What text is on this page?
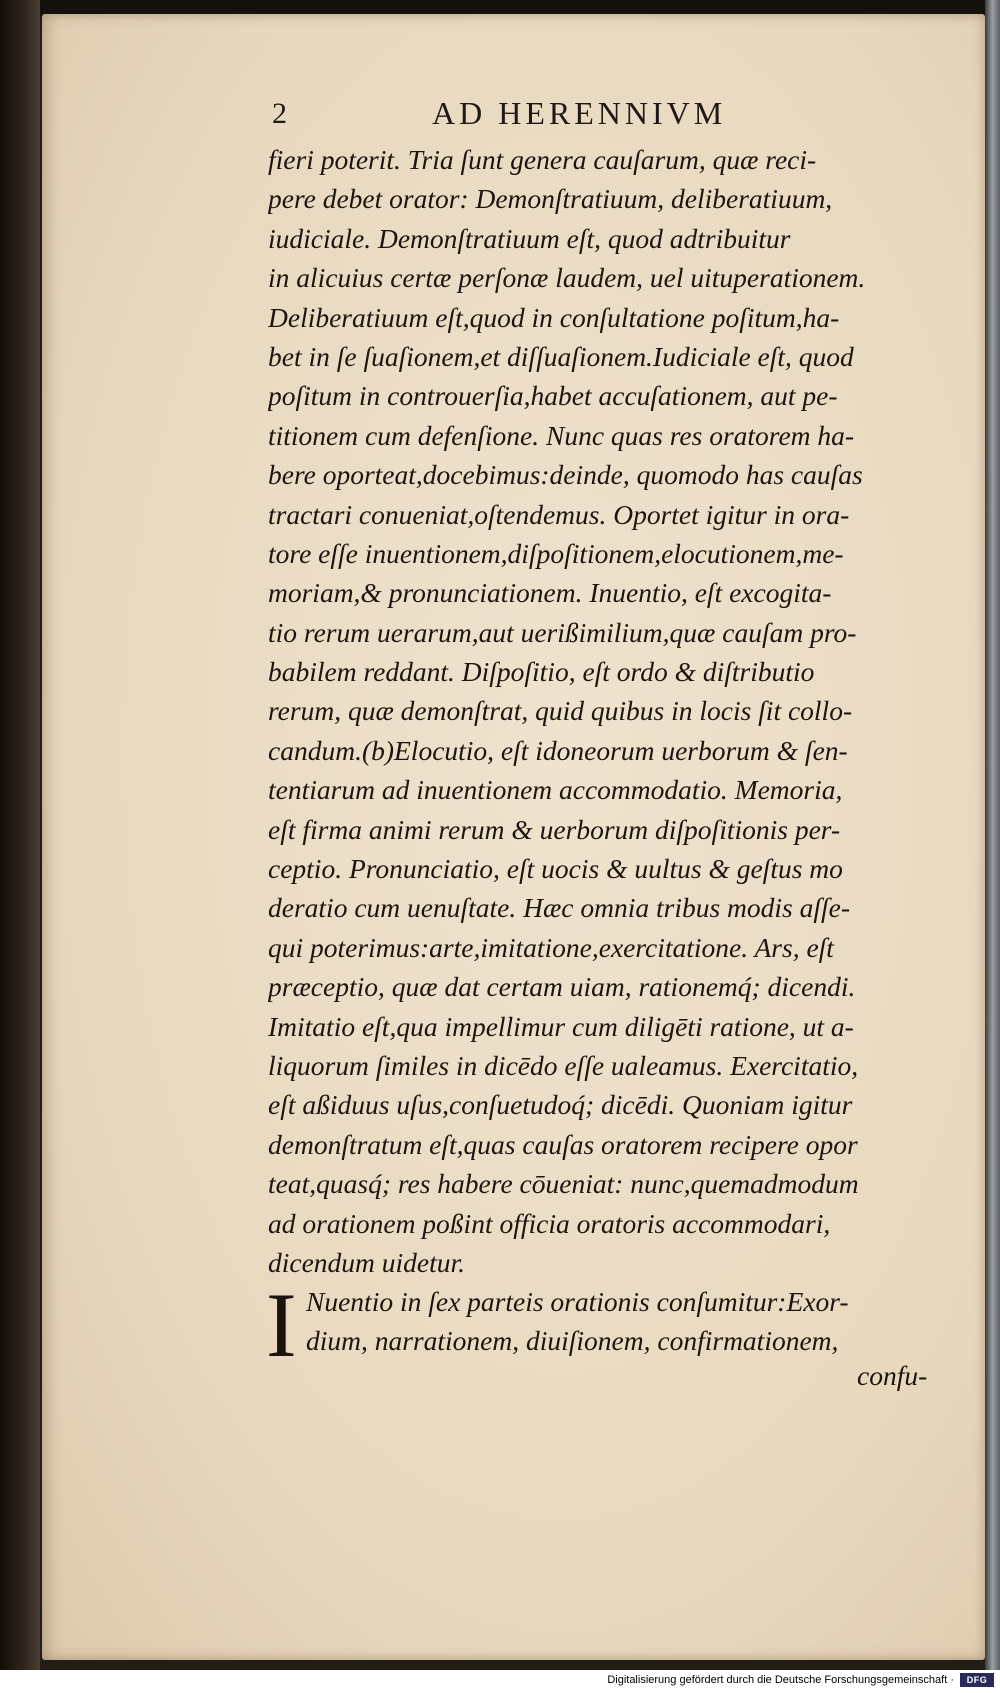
2	AD HERENNIVM
fieri poterit. Tria ſunt genera cauſarum, quæ reci-
pere debet orator: Demonſtratiuum, deliberatiuum,
iudiciale. Demonſtratiuum eſt, quod adtribuitur
in alicuius certæ perſonæ laudem, uel uituperationem.
Deliberatiuum eſt,quod in conſultatione poſitum,ha-
bet in ſe ſuaſionem,et diſſuaſionem.Iudiciale eſt, quod
poſitum in controuerſia,habet accuſationem, aut pe-
titionem cum defenſione. Nunc quas res oratorem ha-
bere oporteat,docebimus:deinde, quomodo has cauſas
tractari conueniat,oſtendemus. Oportet igitur in ora-
tore eſſe inuentionem,diſpoſitionem,elocutionem,me-
moriam,& pronunciationem. Inuentio, eſt excogita-
tio rerum uerarum,aut uerißimilium,quæ cauſam pro-
babilem reddant. Diſpoſitio, eſt ordo & diſtributio
rerum, quæ demonſtrat, quid quibus in locis ſit collo-
candum.(b)Elocutio, eſt idoneorum uerborum & ſen-
tentiarum ad inuentionem accommodatio. Memoria,
eſt firma animi rerum & uerborum diſpoſitionis per-
ceptio. Pronunciatio, eſt uocis & uultus & geſtus mo
deratio cum uenuſtate. Hæc omnia tribus modis aſſe-
qui poterimus:arte,imitatione,exercitatione. Ars, eſt
præceptio, quæ dat certam uiam, rationemq́; dicendi.
Imitatio eſt,qua impellimur cum diligēti ratione, ut a-
liquorum ſimiles in dicēdo eſſe ualeamus. Exercitatio,
eſt aßiduus uſus,conſuetudoq́; dicēdi. Quoniam igitur
demonſtratum eſt,quas cauſas oratorem recipere opor
teat,quasq́; res habere cōueniat: nunc,quemadmodum
ad orationem poßint officia oratoris accommodari,
dicendum uidetur.
I Nuentio in ſex parteis orationis conſumitur:Exor-
dium, narrationem, diuiſionem, confirmationem,
confu-
Digitalisierung gefördert durch die Deutsche Forschungsgemeinschaft ·	DFG
